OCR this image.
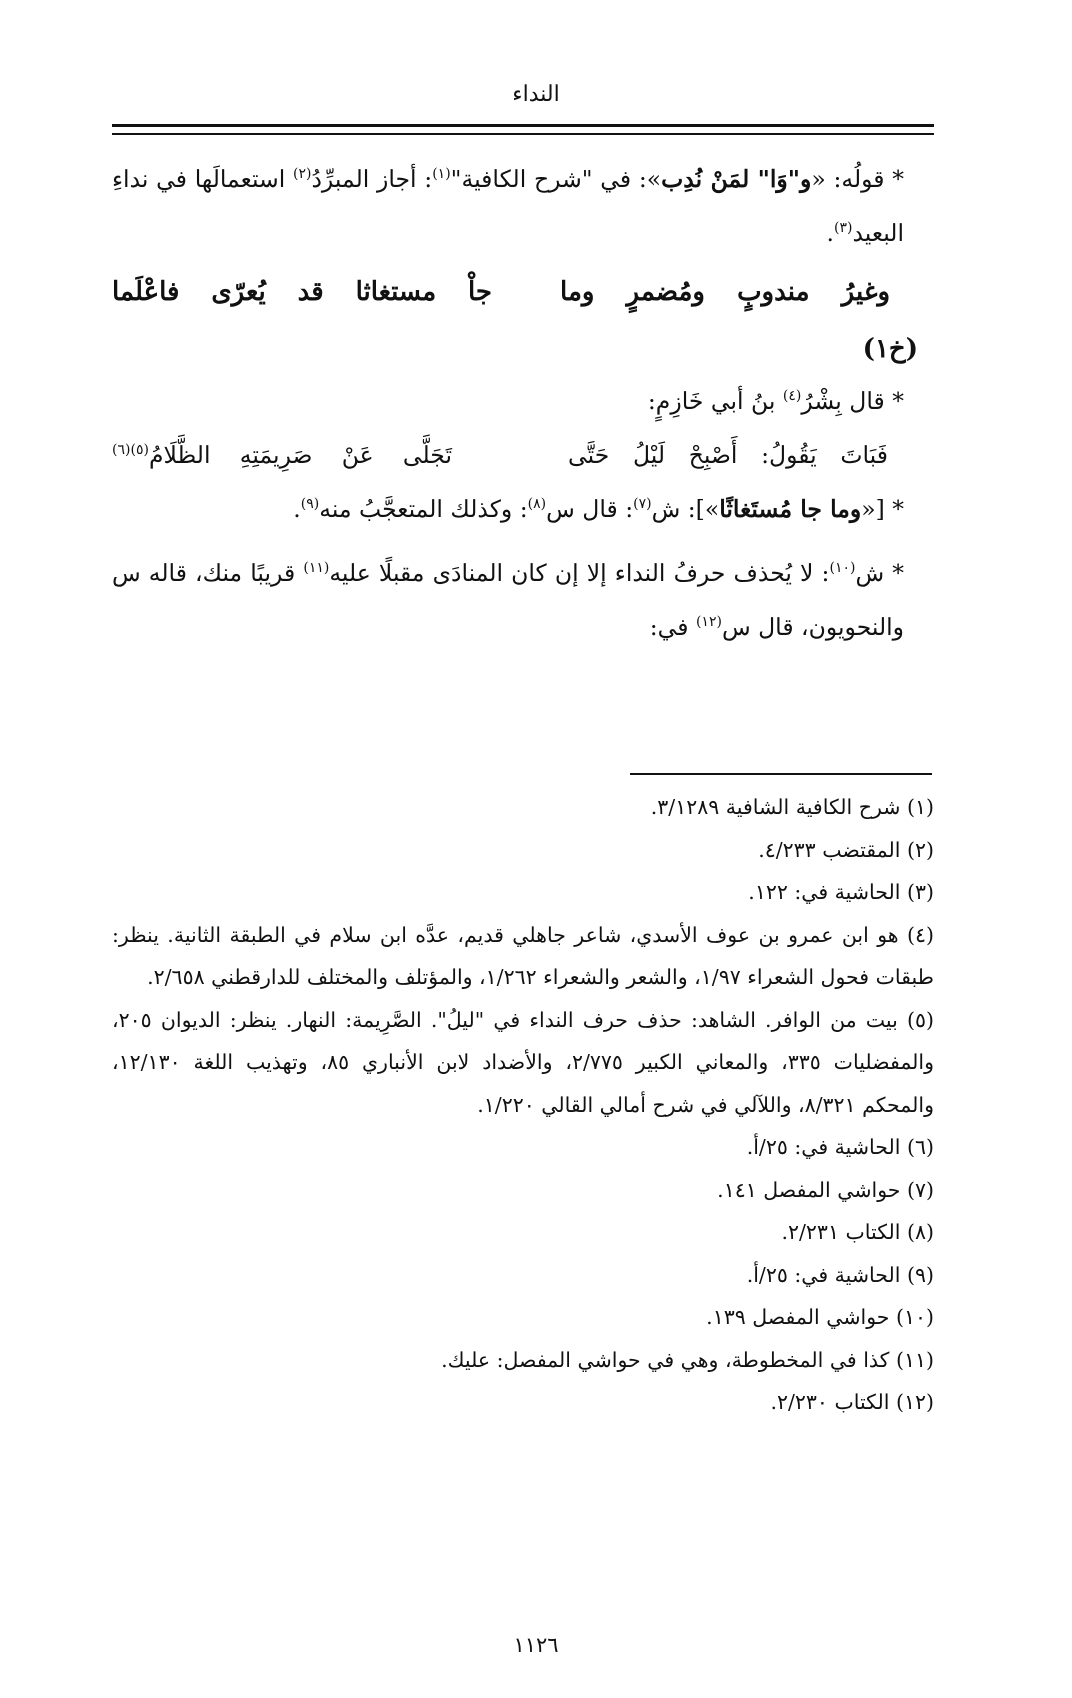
النداء

* قولُه: «و"وَا" لمَنْ نُدِب»: في "شرح الكافية"$^{(١)}$: أجاز المبرِّدُ$^{(٢)}$ استعمالَها في نداءِ البعيد$^{(٣)}$.

وغيرُ
مندوبٍ
ومُضمرٍ
وما
جاْ
مستغاثا
قد
يُعرّى
فاعْلَما
(خ١)

* قال بِشْرُ$^{(٤)}$ بنُ أبي خَازِمٍ:

فَبَاتَ
يَقُولُ:
أَصْبِحْ
لَيْلُ
حَتَّى
تَجَلَّى
عَنْ
صَرِيمَتِهِ
الظَّلَامُ$^{(٥)(٦)}$

* [«وما جا مُستَغاثًا»]: ش$^{(٧)}$: قال س$^{(٨)}$: وكذلك المتعجَّبُ منه$^{(٩)}$.

* ش$^{(١٠)}$: لا يُحذف حرفُ النداء إلا إن كان المنادَى مقبلًا عليه$^{(١١)}$ قريبًا منك، قاله س والنحويون، قال س$^{(١٢)}$ في:

(١) شرح الكافية الشافية ٣/١٢٨٩.

(٢) المقتضب ٤/٢٣٣.

(٣) الحاشية في: ١٢٢.

(٤) هو ابن عمرو بن عوف الأسدي، شاعر جاهلي قديم، عدَّه ابن سلام في الطبقة الثانية. ينظر: طبقات فحول الشعراء ١/٩٧، والشعر والشعراء ١/٢٦٢، والمؤتلف والمختلف للدارقطني ٢/٦٥٨.

(٥) بيت من الوافر. الشاهد: حذف حرف النداء في "ليلُ". الصَّرِيمة: النهار. ينظر: الديوان ٢٠٥، والمفضليات ٣٣٥، والمعاني الكبير ٢/٧٧٥، والأضداد لابن الأنباري ٨٥، وتهذيب اللغة ١٢/١٣٠، والمحكم ٨/٣٢١، واللآلي في شرح أمالي القالي ١/٢٢٠.

(٦) الحاشية في: ٢٥/أ.

(٧) حواشي المفصل ١٤١.

(٨) الكتاب ٢/٢٣١.

(٩) الحاشية في: ٢٥/أ.

(١٠) حواشي المفصل ١٣٩.

(١١) كذا في المخطوطة، وهي في حواشي المفصل: عليك.

(١٢) الكتاب ٢/٢٣٠.

١١٢٦
